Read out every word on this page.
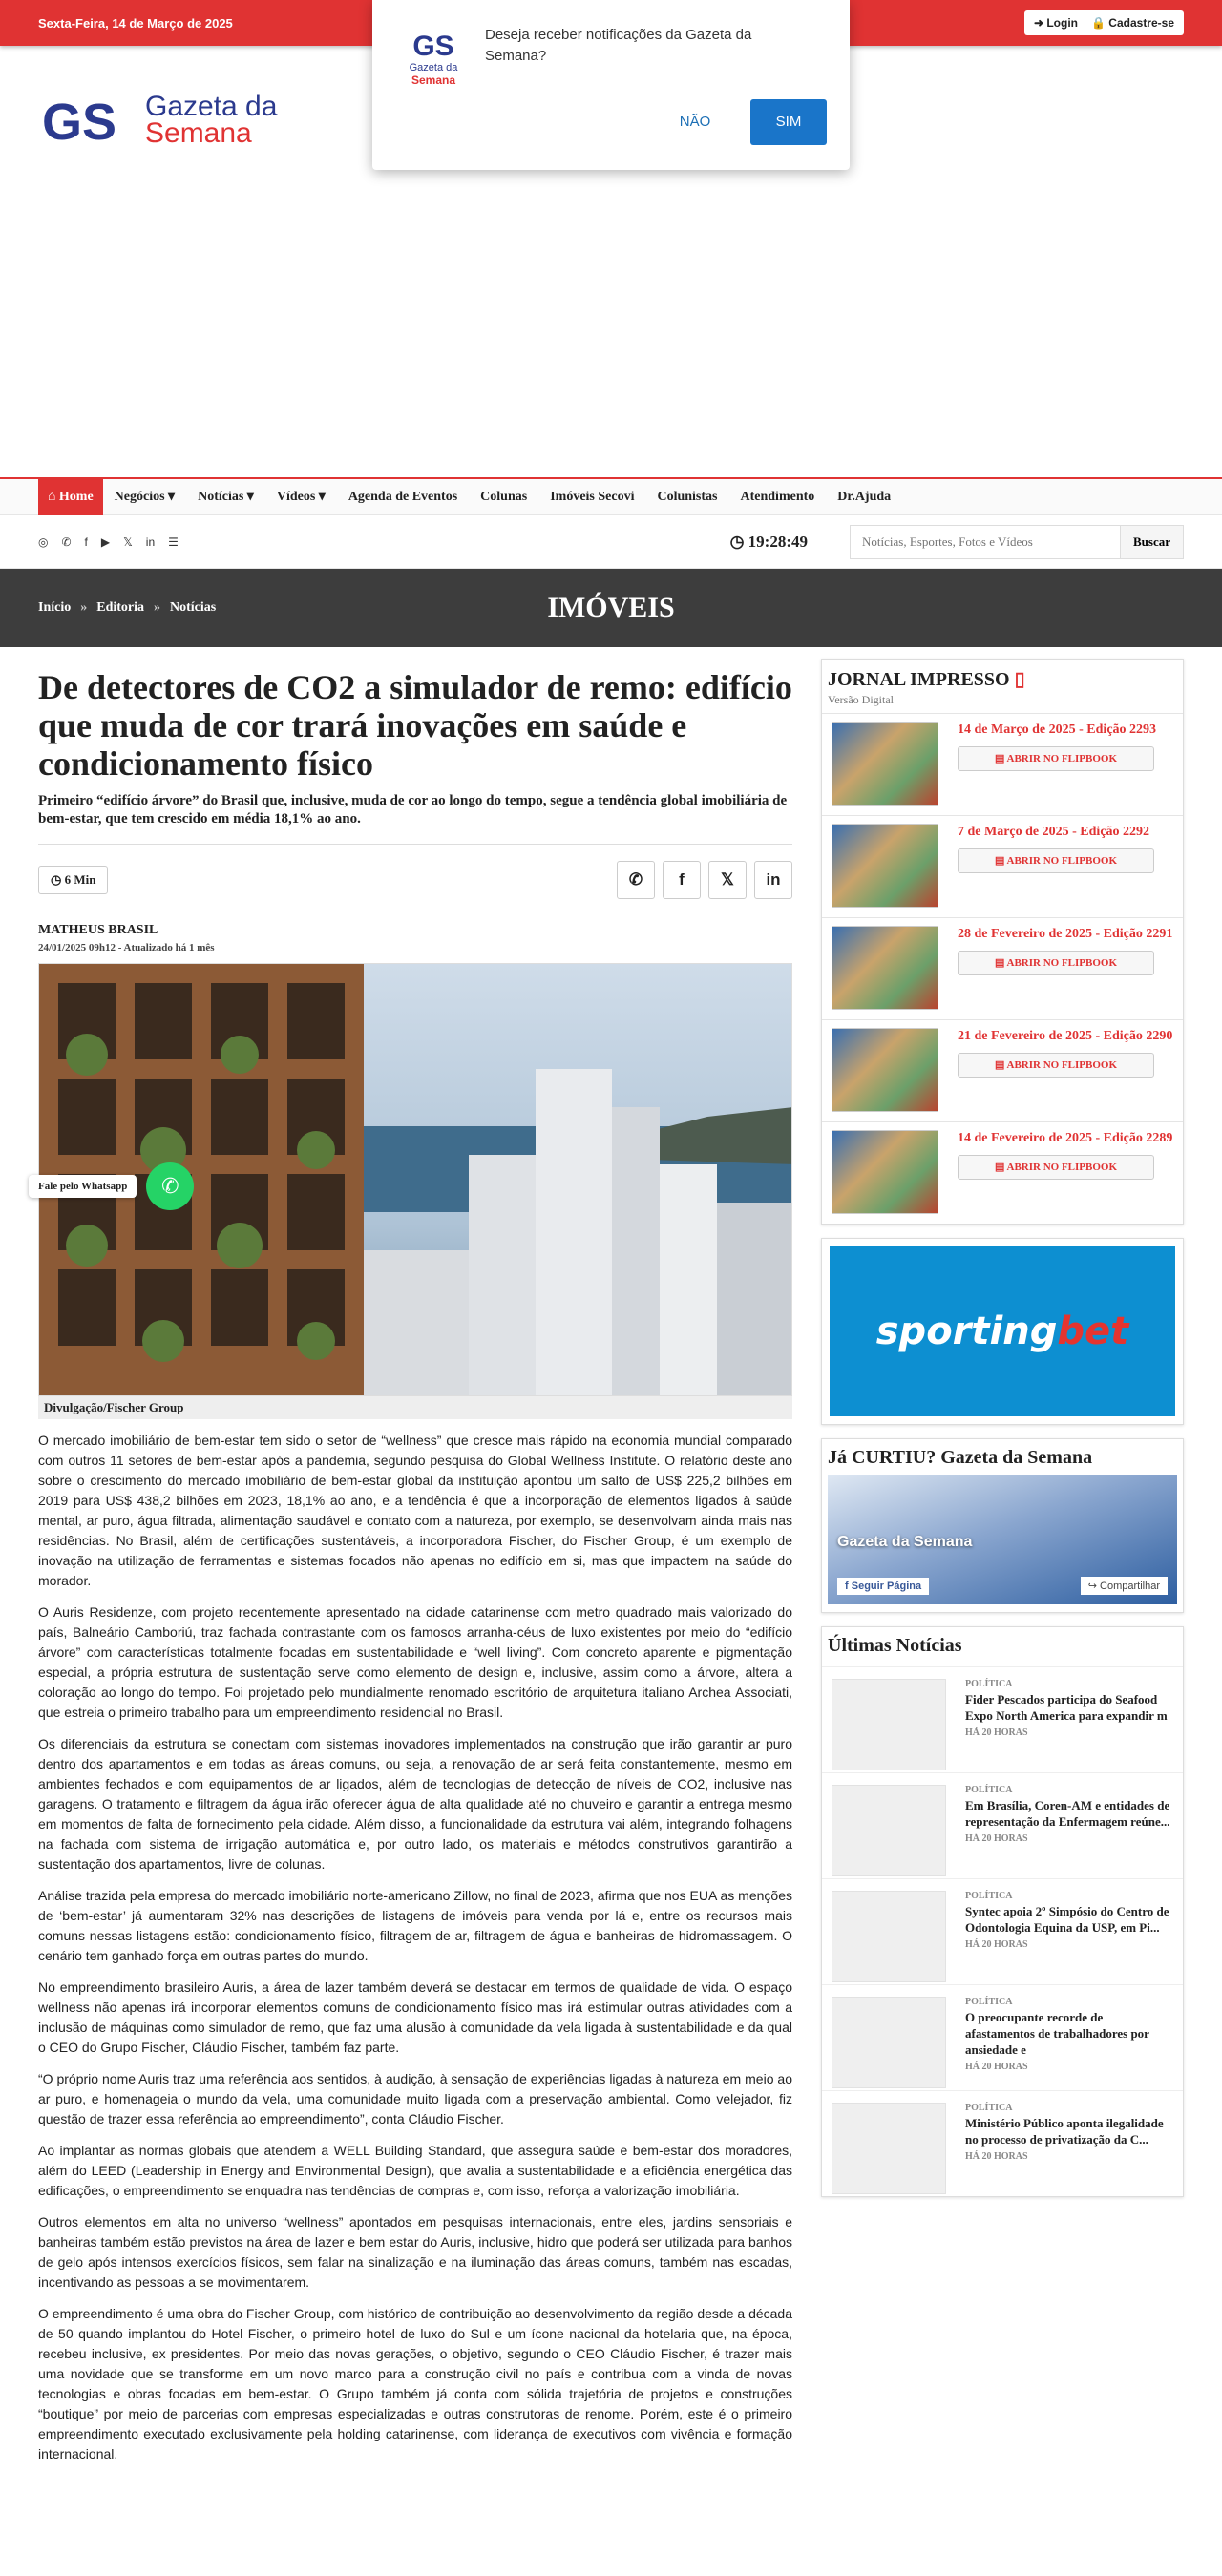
Sexta-Feira, 14 de Março de 2025	➜ Login 🔒 Cadastre-se
GS
Gazeta da
Semana
Deseja receber notificações da Gazeta da Semana?
NÃO	SIM
GS Gazeta da
Semana
⌂ Home	Negócios ▾	Notícias ▾	Vídeos ▾	Agenda de Eventos	Colunas	Imóveis Secovi	Colunistas	Atendimento	Dr.Ajuda
◎ ✆ f ▶ 𝕏 in ☰	◷ 19:28:49
Notícias, Esportes, Fotos e Vídeos	Buscar
Início » Editoria » Notícias	IMÓVEIS
De detectores de CO2 a simulador de remo: edifício que muda de cor trará inovações em saúde e condicionamento físico
Primeiro “edifício árvore” do Brasil que, inclusive, muda de cor ao longo do tempo, segue a tendência global imobiliária de bem-estar, que tem crescido em média 18,1% ao ano.
◷ 6 Min	✆	f	𝕏	in
MATHEUS BRASIL
24/01/2025 09h12 - Atualizado há 1 mês
Divulgação/Fischer Group

O mercado imobiliário de bem-estar tem sido o setor de “wellness” que cresce mais rápido na economia mundial comparado com outros 11 setores de bem-estar após a pandemia, segundo pesquisa do Global Wellness Institute. O relatório deste ano sobre o crescimento do mercado imobiliário de bem-estar global da instituição apontou um salto de US$ 225,2 bilhões em 2019 para US$ 438,2 bilhões em 2023, 18,1% ao ano, e a tendência é que a incorporação de elementos ligados à saúde mental, ar puro, água filtrada, alimentação saudável e contato com a natureza, por exemplo, se desenvolvam ainda mais nas residências. No Brasil, além de certificações sustentáveis, a incorporadora Fischer, do Fischer Group, é um exemplo de inovação na utilização de ferramentas e sistemas focados não apenas no edifício em si, mas que impactem na saúde do morador.

O Auris Residenze, com projeto recentemente apresentado na cidade catarinense com metro quadrado mais valorizado do país, Balneário Camboriú, traz fachada contrastante com os famosos arranha-céus de luxo existentes por meio do “edifício árvore” com características totalmente focadas em sustentabilidade e “well living”. Com concreto aparente e pigmentação especial, a própria estrutura de sustentação serve como elemento de design e, inclusive, assim como a árvore, altera a coloração ao longo do tempo. Foi projetado pelo mundialmente renomado escritório de arquitetura italiano Archea Associati, que estreia o primeiro trabalho para um empreendimento residencial no Brasil.

Os diferenciais da estrutura se conectam com sistemas inovadores implementados na construção que irão garantir ar puro dentro dos apartamentos e em todas as áreas comuns, ou seja, a renovação de ar será feita constantemente, mesmo em ambientes fechados e com equipamentos de ar ligados, além de tecnologias de detecção de níveis de CO2, inclusive nas garagens. O tratamento e filtragem da água irão oferecer água de alta qualidade até no chuveiro e garantir a entrega mesmo em momentos de falta de fornecimento pela cidade. Além disso, a funcionalidade da estrutura vai além, integrando folhagens na fachada com sistema de irrigação automática e, por outro lado, os materiais e métodos construtivos garantirão a sustentação dos apartamentos, livre de colunas.

Análise trazida pela empresa do mercado imobiliário norte-americano Zillow, no final de 2023, afirma que nos EUA as menções de ‘bem-estar’ já aumentaram 32% nas descrições de listagens de imóveis para venda por lá e, entre os recursos mais comuns nessas listagens estão: condicionamento físico, filtragem de ar, filtragem de água e banheiras de hidromassagem. O cenário tem ganhado força em outras partes do mundo.

No empreendimento brasileiro Auris, a área de lazer também deverá se destacar em termos de qualidade de vida. O espaço wellness não apenas irá incorporar elementos comuns de condicionamento físico mas irá estimular outras atividades com a inclusão de máquinas como simulador de remo, que faz uma alusão à comunidade da vela ligada à sustentabilidade e da qual o CEO do Grupo Fischer, Cláudio Fischer, também faz parte.

“O próprio nome Auris traz uma referência aos sentidos, à audição, à sensação de experiências ligadas à natureza em meio ao ar puro, e homenageia o mundo da vela, uma comunidade muito ligada com a preservação ambiental. Como velejador, fiz questão de trazer essa referência ao empreendimento”, conta Cláudio Fischer.

Ao implantar as normas globais que atendem a WELL Building Standard, que assegura saúde e bem-estar dos moradores, além do LEED (Leadership in Energy and Environmental Design), que avalia a sustentabilidade e a eficiência energética das edificações, o empreendimento se enquadra nas tendências de compras e, com isso, reforça a valorização imobiliária.

Outros elementos em alta no universo “wellness” apontados em pesquisas internacionais, entre eles, jardins sensoriais e banheiras também estão previstos na área de lazer e bem estar do Auris, inclusive, hidro que poderá ser utilizada para banhos de gelo após intensos exercícios físicos, sem falar na sinalização e na iluminação das áreas comuns, também nas escadas, incentivando as pessoas a se movimentarem.

O empreendimento é uma obra do Fischer Group, com histórico de contribuição ao desenvolvimento da região desde a década de 50 quando implantou do Hotel Fischer, o primeiro hotel de luxo do Sul e um ícone nacional da hotelaria que, na época, recebeu inclusive, ex presidentes. Por meio das novas gerações, o objetivo, segundo o CEO Cláudio Fischer, é trazer mais uma novidade que se transforme em um novo marco para a construção civil no país e contribua com a vinda de novas tecnologias e obras focadas em bem-estar. O Grupo também já conta com sólida trajetória de projetos e construções “boutique” por meio de parcerias com empresas especializadas e outras construtoras de renome. Porém, este é o primeiro empreendimento executado exclusivamente pela holding catarinense, com liderança de executivos com vivência e formação internacional.

Fale pelo Whatsapp	✆
JORNAL IMPRESSO ▯
Versão Digital
14 de Março de 2025 - Edição 2293
▤ ABRIR NO FLIPBOOK
7 de Março de 2025 - Edição 2292
▤ ABRIR NO FLIPBOOK
28 de Fevereiro de 2025 - Edição 2291
▤ ABRIR NO FLIPBOOK
21 de Fevereiro de 2025 - Edição 2290
▤ ABRIR NO FLIPBOOK
14 de Fevereiro de 2025 - Edição 2289
▤ ABRIR NO FLIPBOOK
sportingbet
Já CURTIU? Gazeta da Semana
Gazeta da Semana
f Seguir Página	↪ Compartilhar
Últimas Notícias
POLÍTICA
Fider Pescados participa do Seafood Expo North America para expandir m
HÁ 20 HORAS
POLÍTICA
Em Brasília, Coren-AM e entidades de representação da Enfermagem reúne...
HÁ 20 HORAS
POLÍTICA
Syntec apoia 2º Simpósio do Centro de Odontologia Equina da USP, em Pi...
HÁ 20 HORAS
POLÍTICA
O preocupante recorde de afastamentos de trabalhadores por ansiedade e
HÁ 20 HORAS
POLÍTICA
Ministério Público aponta ilegalidade no processo de privatização da C...
HÁ 20 HORAS
